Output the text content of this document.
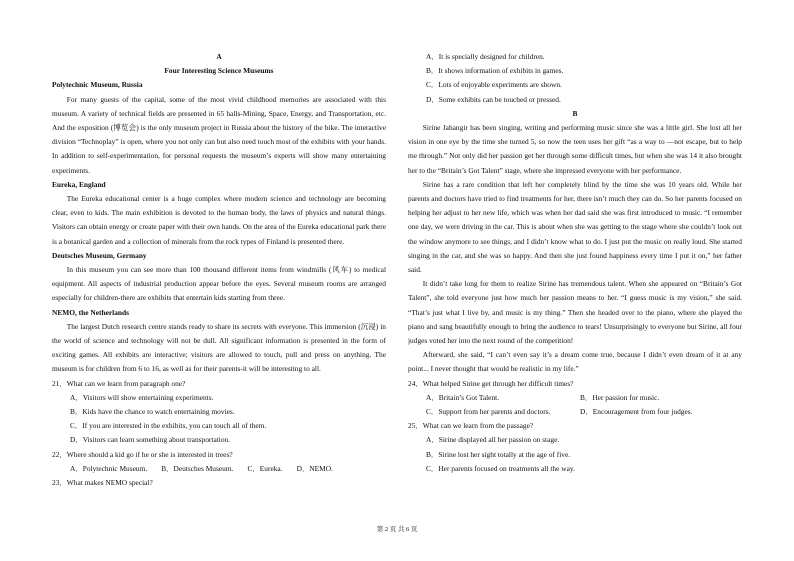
A
Four Interesting Science Museums
Polytechnic Museum, Russia
For many guests of the capital, some of the most vivid childhood memories are associated with this museum. A variety of technical fields are presented in 65 halls-Mining, Space, Energy, and Transportation, etc. And the exposition (博览会) is the only museum project in Russia about the history of the bike. The interactive division “Technoplay” is open, where you not only can but also need touch most of the exhibits with your hands. In addition to self-experimentation, for personal requests the museum’s experts will show many entertaining experiments.
Eureka, England
The Eureka educational center is a huge complex where modern science and technology are becoming clear, even to kids. The main exhibition is devoted to the human body, the laws of physics and natural things. Visitors can obtain energy or create paper with their own hands. On the area of the Eureka educational park there is a botanical garden and a collection of minerals from the rock types of Finland is presented there.
Deutsches Museum, Germany
In this museum you can see more than 100 thousand different items from windmills (风车) to medical equipment. All aspects of industrial production appear before the eyes. Several museum rooms are arranged especially for children-there are exhibits that entertain kids starting from three.
NEMO, the Netherlands
The largest Dutch research centre stands ready to share its secrets with everyone. This immersion (沉浸) in the world of science and technology will not be dull. All significant information is presented in the form of exciting games. All exhibits are interactive; visitors are allowed to touch, pull and press on anything. The museum is for children from 6 to 16, as well as for their parents-it will be interesting to all.
21．What can we learn from paragraph one?
A．Visitors will show entertaining experiments.
B．Kids have the chance to watch entertaining movies.
C．If you are interested in the exhibits, you can touch all of them.
D．Visitors can learn something about transportation.
22．Where should a kid go if he or she is interested in trees?
A．Polytechnic Museum. B．Deutsches Museum. C．Eureka. D．NEMO.
23．What makes NEMO special?
A．It is specially designed for children.
B．It shows information of exhibits in games.
C．Lots of enjoyable experiments are shown.
D．Some exhibits can be touched or pressed.
B
Sirine Jahangir has been singing, writing and performing music since she was a little girl. She lost all her vision in one eye by the time she turned 5, so now the teen uses her gift “as a way to —not escape, but to help me through.” Not only did her passion get her through some difficult times, but when she was 14 it also brought her to the “Britain’s Got Talent” stage, where she impressed everyone with her performance.
Sirine has a rare condition that left her completely blind by the time she was 10 years old. While her parents and doctors have tried to find treatments for her, there isn’t much they can do. So her parents focused on helping her adjust to her new life, which was when her dad said she was first introduced to music. “I remember one day, we were driving in the car. This is about when she was getting to the stage where she couldn’t look out the window anymore to see things, and I didn’t know what to do. I just put the music on really loud. She started singing in the car, and she was so happy. And then she just found happiness every time I put it on,” her father said.
It didn’t take long for them to realize Sirine has tremendous talent. When she appeared on “Britain’s Got Talent”, she told everyone just how much her passion means to her. “I guess music is my vision,” she said. “That’s just what I live by, and music is my thing.” Then she headed over to the piano, where she played the piano and sang beautifully enough to bring the audience to tears! Unsurprisingly to everyone but Sirine, all four judges voted her into the next round of the competition!
Afterward, she said, “I can’t even say it’s a dream come true, because I didn’t even dream of it at any point... I never thought that would be realistic in my life.”
24．What helped Sirine get through her difficult times?
A．Britain’s Got Talent.	B．Her passion for music.
C．Support from her parents and doctors.	D．Encouragement from four judges.
25．What can we learn from the passage?
A．Sirine displayed all her passion on stage.
B．Sirine lost her sight totally at the age of five.
C．Her parents focused on treatments all the way.
第 2 页 共 6 页
